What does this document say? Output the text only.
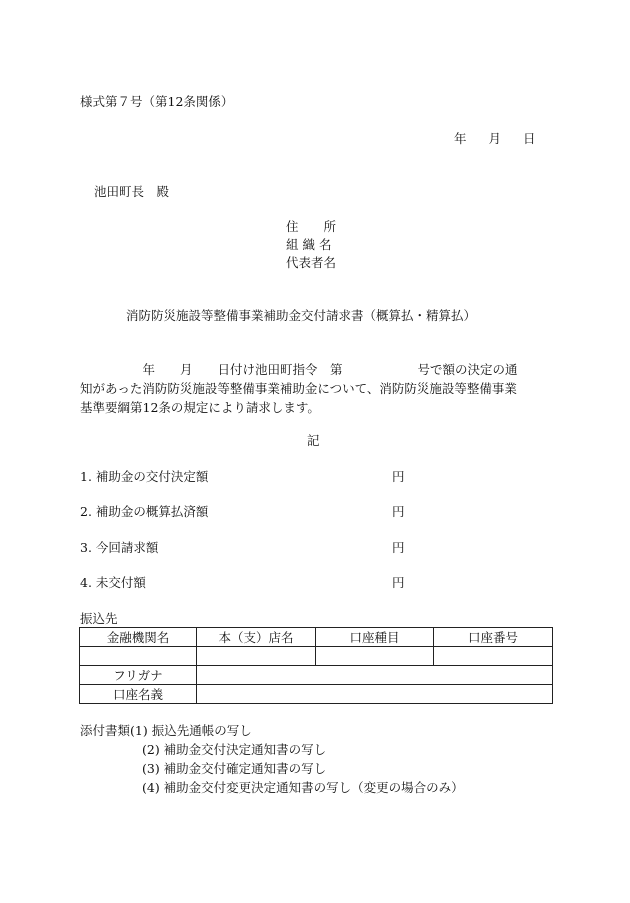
様式第７号（第12条関係）
年 月 日
池田町長　殿
住　　所
組 織 名
代表者名
消防防災施設等整備事業補助金交付請求書（概算払・精算払）

　　　　　年　　月　　日付け池田町指令　第　　　　　　号で額の決定の通

知があった消防防災施設等整備事業補助金について、消防防災施設等整備事業

基準要綱第12条の規定により請求します。

記
1. 補助金の交付決定額	円
2. 補助金の概算払済額	円
3. 今回請求額	円
4. 未交付額	円
振込先
金融機関名	本（支）店名	口座種目	口座番号

フリガナ			
口座名義			
添付書類(1) 振込先通帳の写し
(2) 補助金交付決定通知書の写し
(3) 補助金交付確定通知書の写し
(4) 補助金交付変更決定通知書の写し（変更の場合のみ）
